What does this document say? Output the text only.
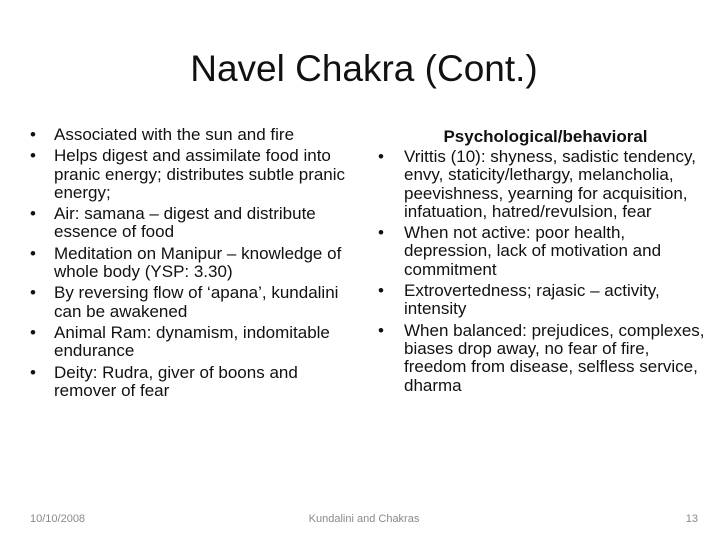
Navel Chakra (Cont.)
•	Associated with the sun and fire
•	Helps digest and assimilate food into pranic energy; distributes subtle pranic energy;
•	Air: samana – digest and distribute essence of food
•	Meditation on Manipur – knowledge of whole body (YSP: 3.30)
•	By reversing flow of ‘apana’, kundalini can be awakened
•	Animal Ram: dynamism, indomitable endurance
•	Deity: Rudra, giver of boons and remover of fear
Psychological/behavioral
•	Vrittis (10): shyness, sadistic tendency, envy, staticity/lethargy, melancholia, peevishness, yearning for acquisition, infatuation, hatred/revulsion, fear
•	When not active: poor health, depression, lack of motivation and commitment
•	Extrovertedness; rajasic – activity, intensity
•	When balanced: prejudices, complexes, biases drop away, no fear of fire, freedom from disease, selfless service, dharma
10/10/2008	Kundalini and Chakras	13
